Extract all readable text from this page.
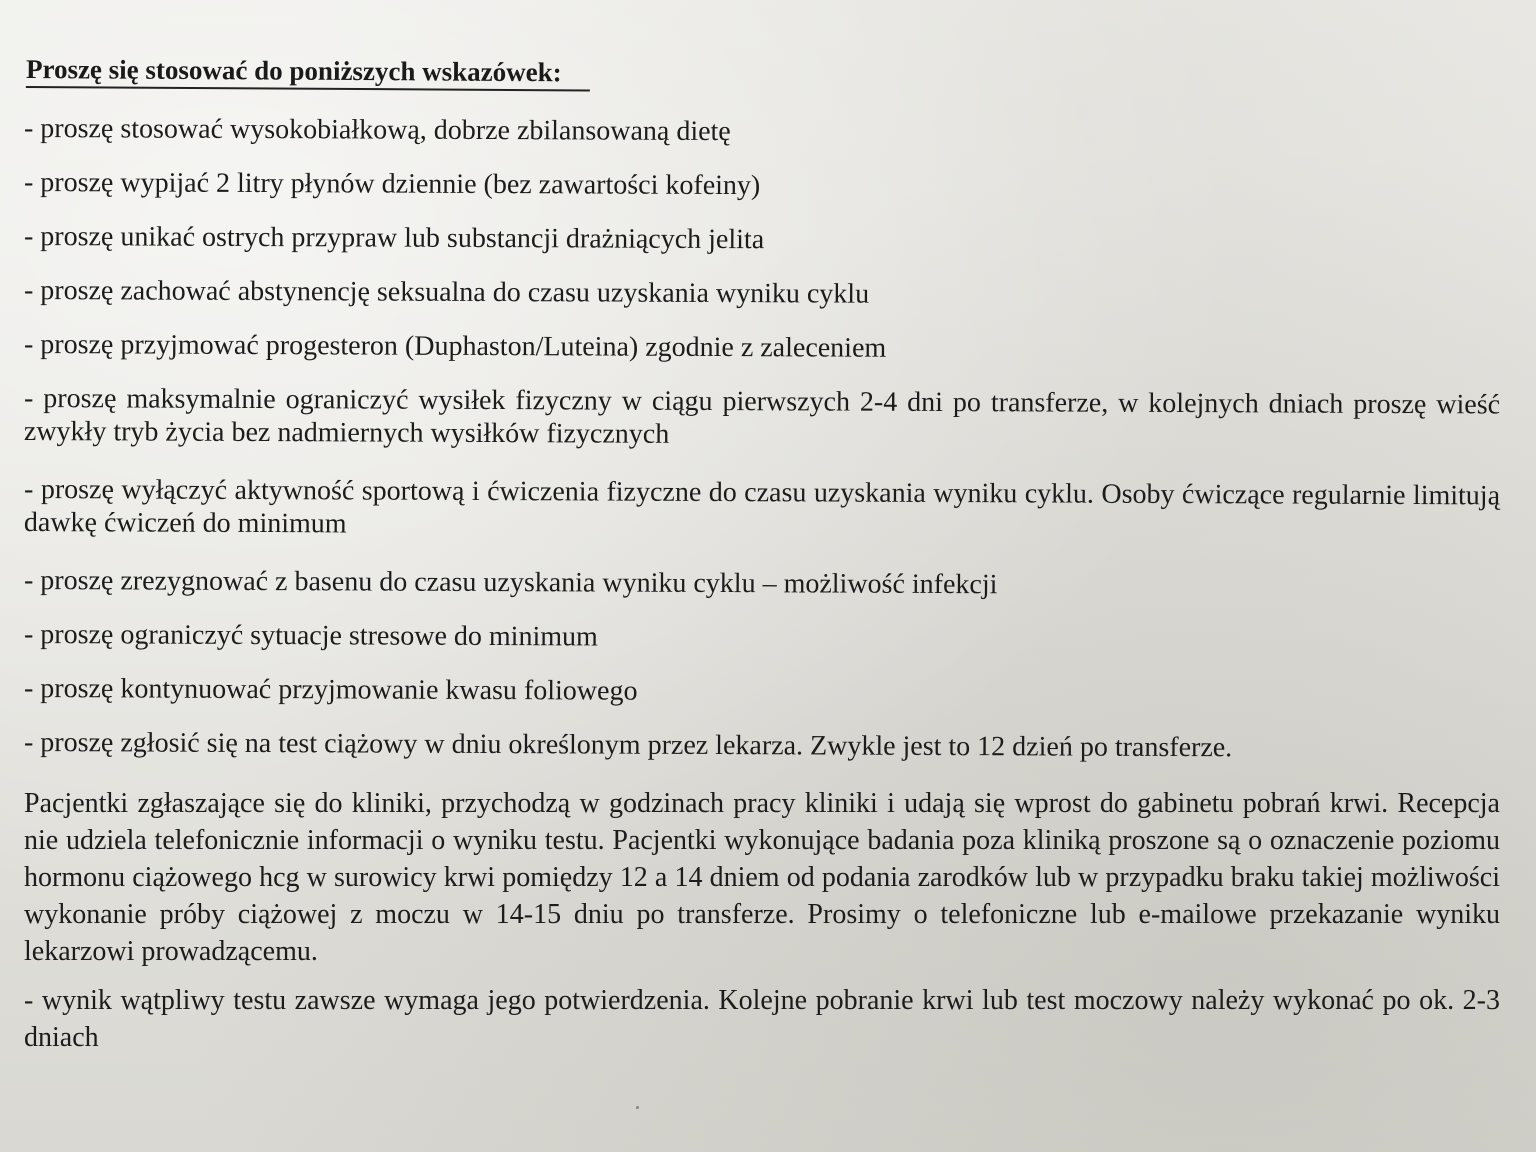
Proszę się stosować do poniższych wskazówek:
- proszę stosować wysokobiałkową, dobrze zbilansowaną dietę
- proszę wypijać 2 litry płynów dziennie (bez zawartości kofeiny)
- proszę unikać ostrych przypraw lub substancji drażniących jelita
- proszę zachować abstynencję seksualna do czasu uzyskania wyniku cyklu
- proszę przyjmować progesteron (Duphaston/Luteina) zgodnie z zaleceniem
- proszę maksymalnie ograniczyć wysiłek fizyczny w ciągu pierwszych 2-4 dni po transferze, w kolejnych dniach proszę wieść zwykły tryb życia bez nadmiernych wysiłków fizycznych
- proszę wyłączyć aktywność sportową i ćwiczenia fizyczne do czasu uzyskania wyniku cyklu. Osoby ćwiczące regularnie limitują dawkę ćwiczeń do minimum
- proszę zrezygnować z basenu do czasu uzyskania wyniku cyklu – możliwość infekcji
- proszę ograniczyć sytuacje stresowe do minimum
- proszę kontynuować przyjmowanie kwasu foliowego
- proszę zgłosić się na test ciążowy w dniu określonym przez lekarza. Zwykle jest to 12 dzień po transferze.

Pacjentki zgłaszające się do kliniki, przychodzą w godzinach pracy kliniki i udają się wprost do gabinetu pobrań krwi. Recepcja nie udziela telefonicznie informacji o wyniku testu. Pacjentki wykonujące badania poza kliniką proszone są o oznaczenie poziomu hormonu ciążowego hcg w surowicy krwi pomiędzy 12 a 14 dniem od podania zarodków lub w przypadku braku takiej możliwości wykonanie próby ciążowej z moczu w 14-15 dniu po transferze. Prosimy o telefoniczne lub e-mailowe przekazanie wyniku lekarzowi prowadzącemu.

- wynik wątpliwy testu zawsze wymaga jego potwierdzenia. Kolejne pobranie krwi lub test moczowy należy wykonać po ok. 2-3 dniach
